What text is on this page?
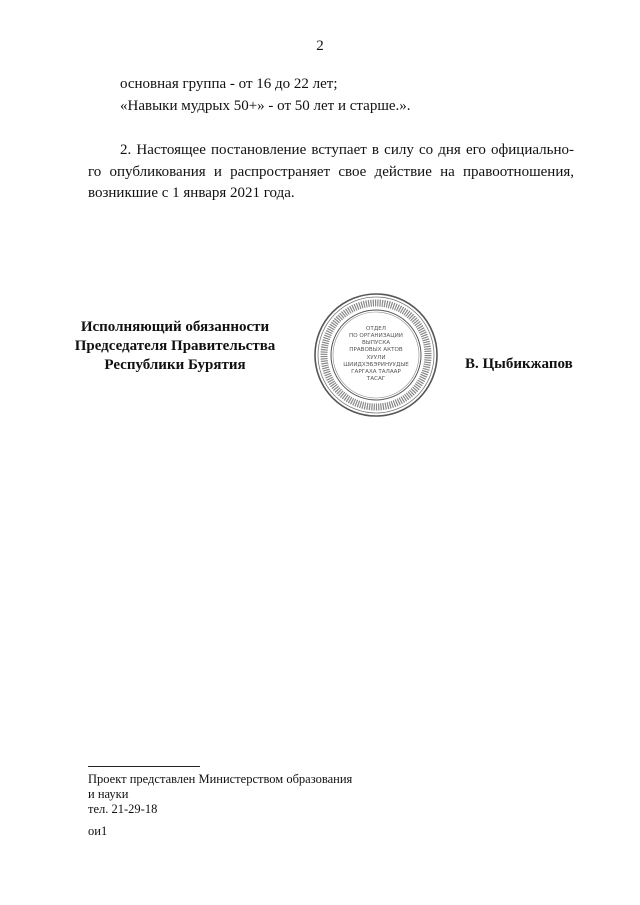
2
основная группа - от 16 до 22 лет;
«Навыки мудрых 50+» - от 50 лет и старше.».
2. Настоящее постановление вступает в силу со дня его официально-го опубликования и распространяет свое действие на правоотношения, возникшие с 1 января 2021 года.
Исполняющий обязанности
Председателя Правительства
Республики Бурятия
ОТДЕЛ
ПО ОРГАНИЗАЦИИ
ВЫПУСКА
ПРАВОВЫХ АКТОВ
ХУУЛИ
ШИИДХЭБЭРИНУУДЫЕ
ГАРГАХА ТАЛААР
ТАСАГ
В. Цыбикжапов
Проект представлен Министерством образования
и науки
тел. 21-29-18
ои1
